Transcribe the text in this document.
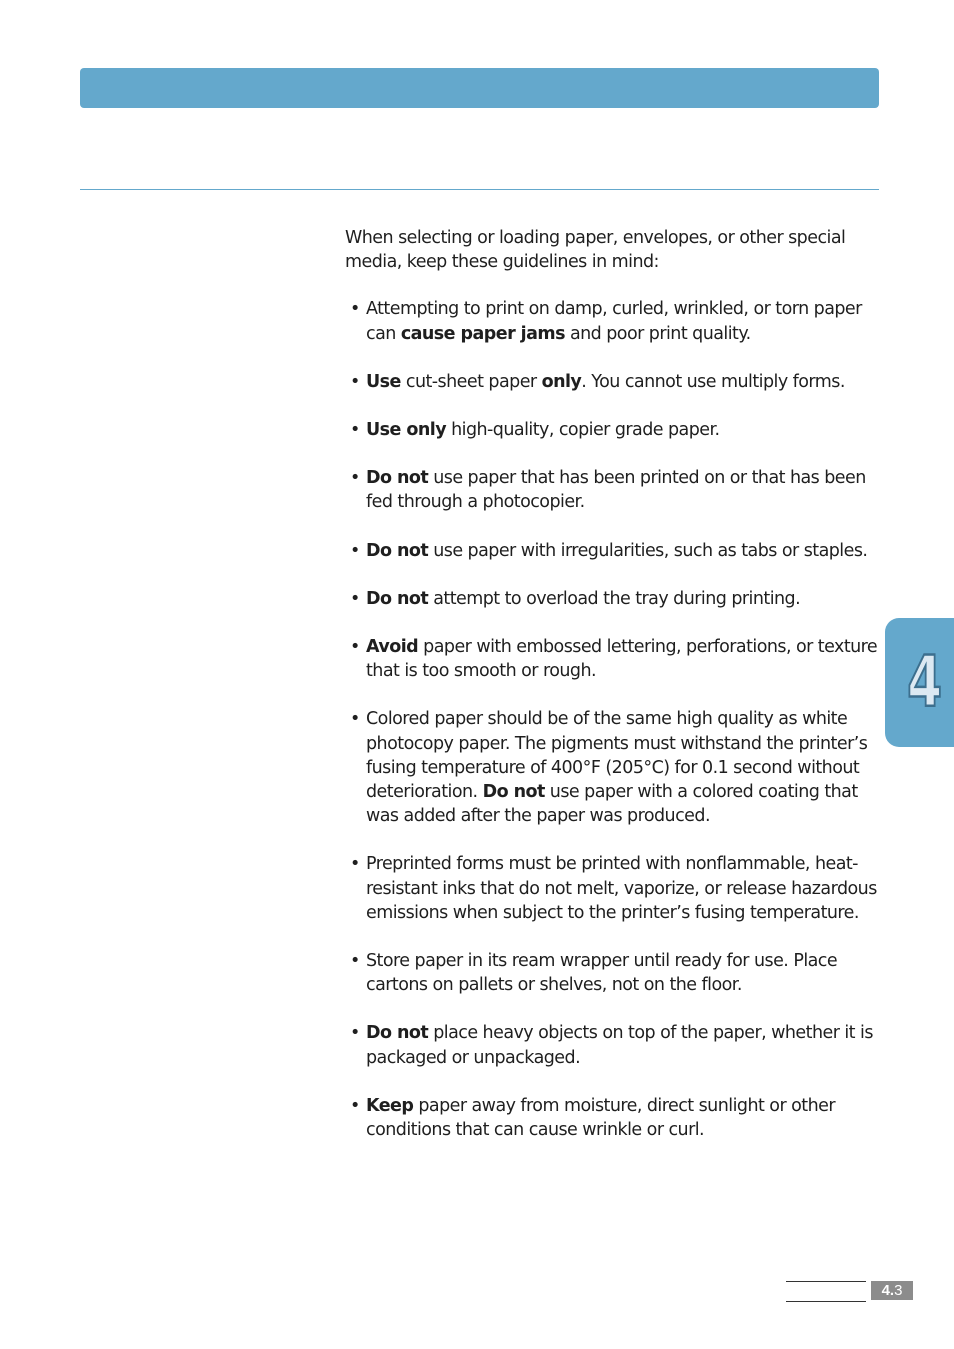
When selecting or loading paper, envelopes, or other special media, keep these guidelines in mind:

• Attempting to print on damp, curled, wrinkled, or torn paper can cause paper jams and poor print quality.
• Use cut-sheet paper only. You cannot use multiply forms.
• Use only high-quality, copier grade paper.
• Do not use paper that has been printed on or that has been fed through a photocopier.
• Do not use paper with irregularities, such as tabs or staples.
• Do not attempt to overload the tray during printing.
• Avoid paper with embossed lettering, perforations, or texture that is too smooth or rough.
• Colored paper should be of the same high quality as white photocopy paper. The pigments must withstand the printer’s fusing temperature of 400°F (205°C) for 0.1 second without deterioration. Do not use paper with a colored coating that was added after the paper was produced.
• Preprinted forms must be printed with nonflammable, heat-resistant inks that do not melt, vaporize, or release hazardous emissions when subject to the printer’s fusing temperature.
• Store paper in its ream wrapper until ready for use. Place cartons on pallets or shelves, not on the floor.
• Do not place heavy objects on top of the paper, whether it is packaged or unpackaged.
• Keep paper away from moisture, direct sunlight or other conditions that can cause wrinkle or curl.
4
4.3
